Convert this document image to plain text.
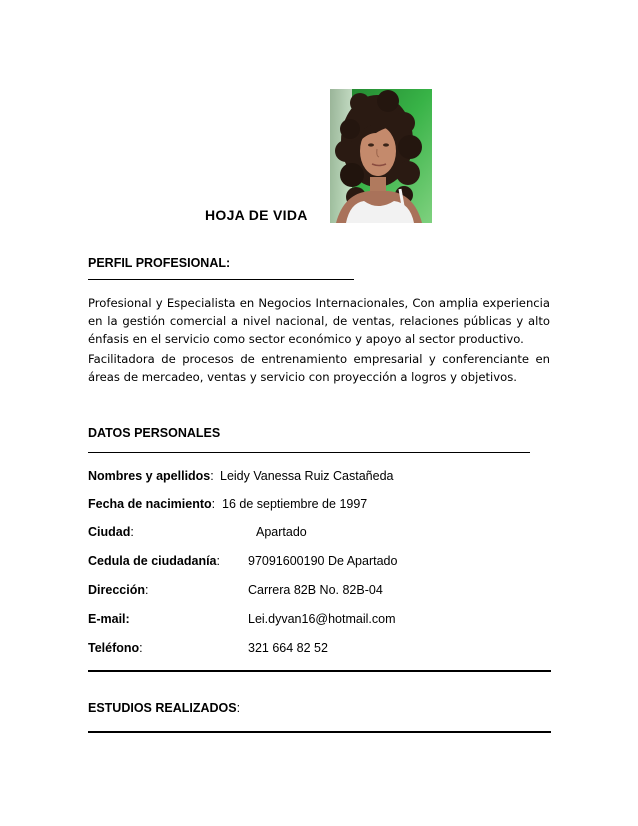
HOJA DE VIDA
PERFIL PROFESIONAL:
Profesional y Especialista en Negocios Internacionales, Con amplia experiencia en la gestión comercial a nivel nacional, de ventas, relaciones públicas y alto énfasis en el servicio como sector económico y apoyo al sector productivo.
Facilitadora de procesos de entrenamiento empresarial y conferenciante en áreas de mercadeo, ventas y servicio con proyección a logros y objetivos.
DATOS PERSONALES
Nombres y apellidos: Leidy Vanessa Ruiz Castañeda
Fecha de nacimiento: 16 de septiembre de 1997
Ciudad:	Apartado
Cedula de ciudadanía: 97091600190 De Apartado
Dirección:	Carrera 82B No. 82B-04
E-mail:	Lei.dyvan16@hotmail.com
Teléfono:	321 664 82 52
ESTUDIOS REALIZADOS:
